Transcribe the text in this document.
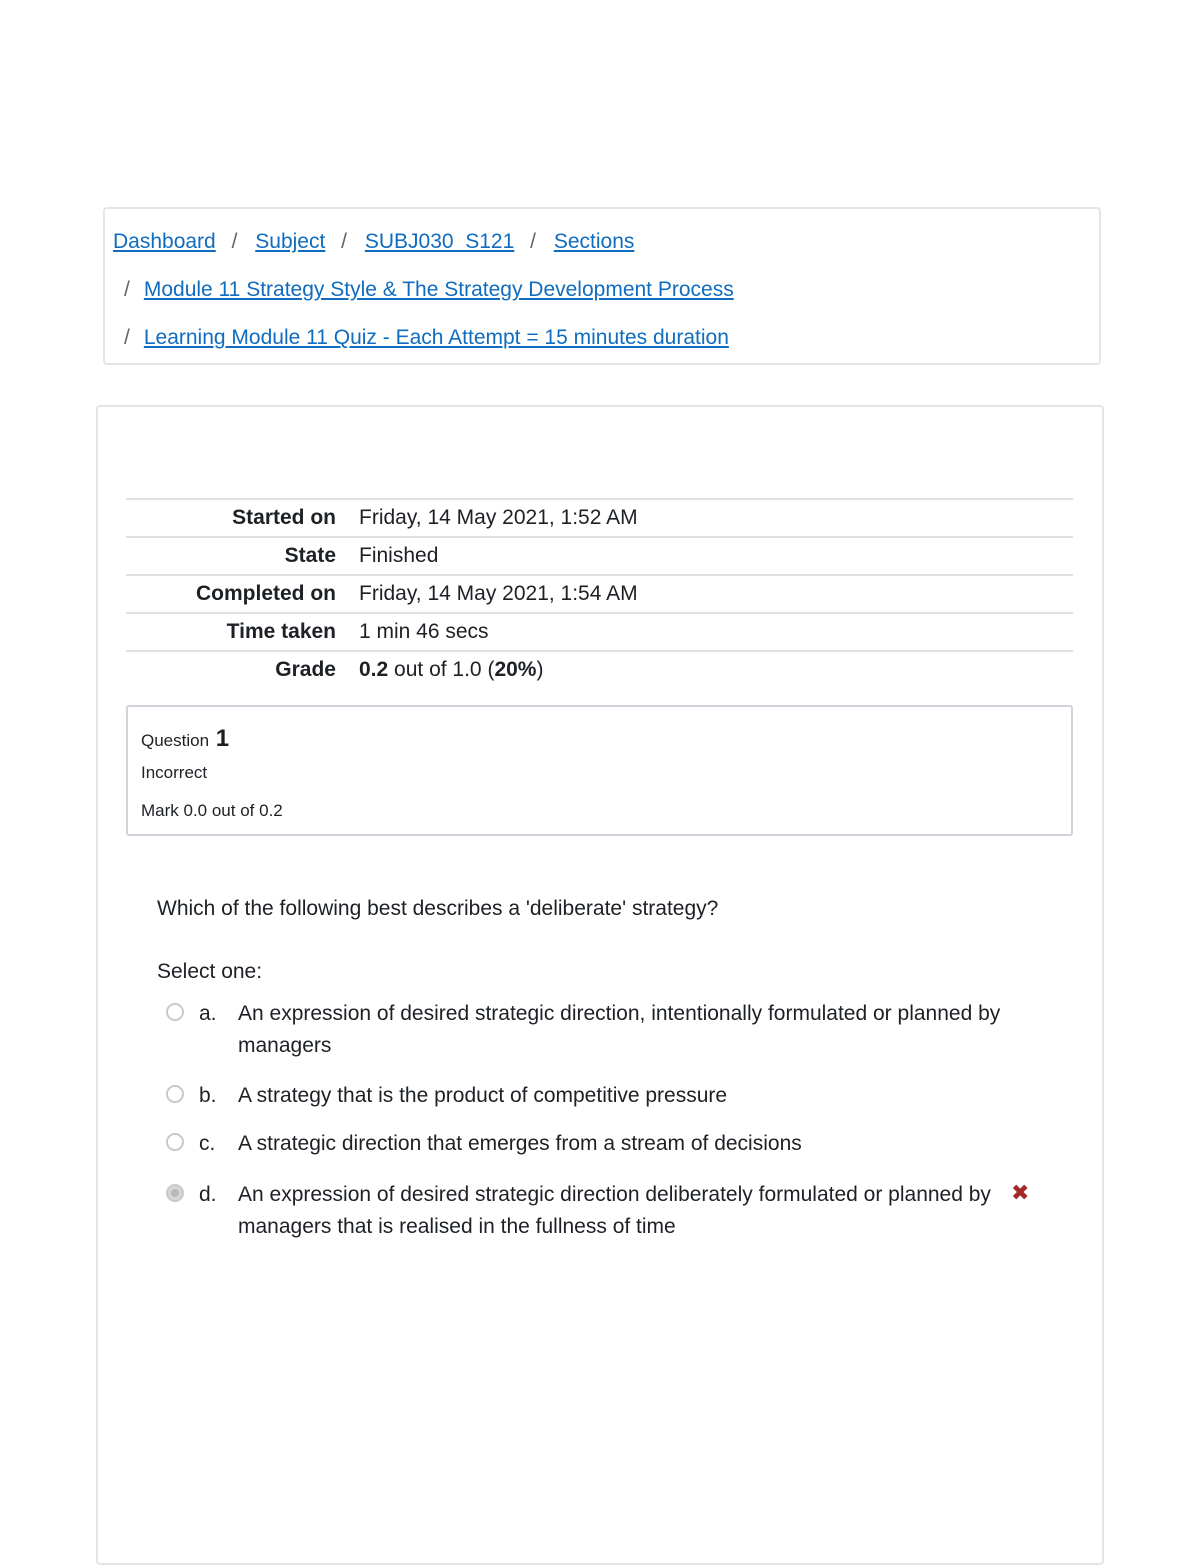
Dashboard / Subject / SUBJ030_S121 / Sections
/ Module 11 Strategy Style & The Strategy Development Process
/ Learning Module 11 Quiz - Each Attempt = 15 minutes duration
Started on Friday, 14 May 2021, 1:52 AM
State Finished
Completed on Friday, 14 May 2021, 1:54 AM
Time taken 1 min 46 secs
Grade 0.2 out of 1.0 (20%)
Question 1
Incorrect
Mark 0.0 out of 0.2
Which of the following best describes a 'deliberate' strategy?
Select one:
a. An expression of desired strategic direction, intentionally formulated or planned by managers
b. A strategy that is the product of competitive pressure
c. A strategic direction that emerges from a stream of decisions
d. An expression of desired strategic direction deliberately formulated or planned by managers that is realised in the fullness of time
✖
